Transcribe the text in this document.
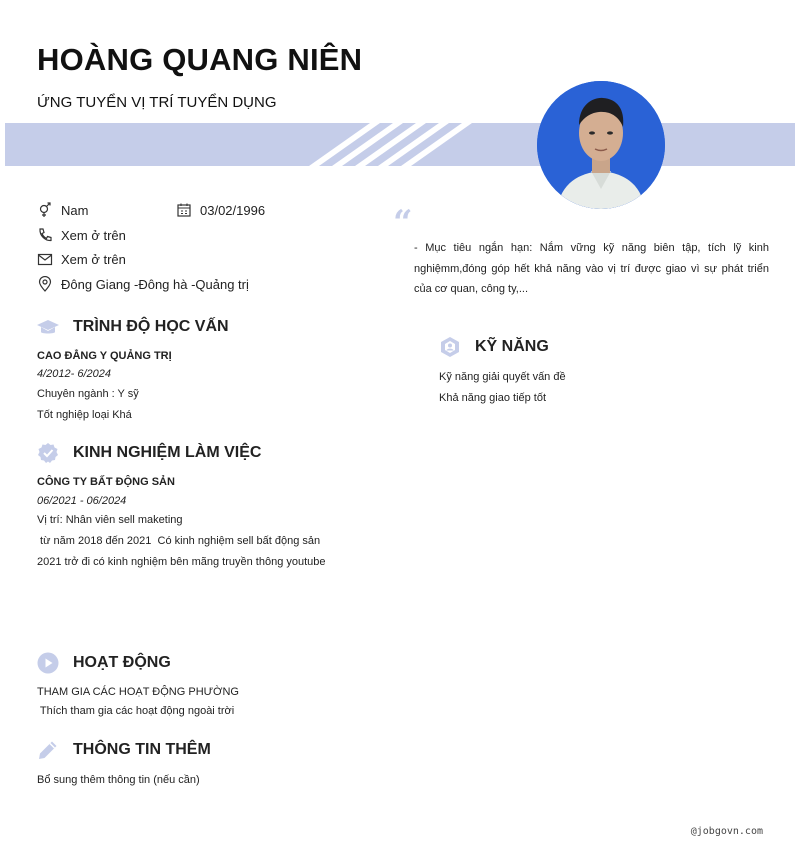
HOÀNG QUANG NIÊN
ỨNG TUYỂN VỊ TRÍ TUYỂN DỤNG
Nam	03/02/1996
Xem ở trên
Xem ở trên
Đông Giang -Đông hà -Quảng trị
“
- Mục tiêu ngắn hạn: Nắm vững kỹ năng biên tập, tích lỹ kinh nghiệmm,đóng góp hết khả năng vào vị trí được giao vì sự phát triển của cơ quan, công ty,...
TRÌNH ĐỘ HỌC VẤN
CAO ĐẲNG Y QUẢNG TRỊ
4/2012- 6/2024
Chuyên ngành : Y sỹ
Tốt nghiệp loại Khá
KINH NGHIỆM LÀM VIỆC
CÔNG TY BẤT ĐỘNG SẢN
06/2021 - 06/2024
Vị trí: Nhân viên sell maketing
từ năm 2018 đến 2021  Có kinh nghiệm sell bất động sản
2021 trở đi có kinh nghiệm bên mãng truyền thông youtube
KỸ NĂNG
Kỹ năng giải quyết vấn đề
Khả năng giao tiếp tốt
HOẠT ĐỘNG
THAM GIA CÁC HOẠT ĐỘNG PHƯỜNG
Thích tham gia các hoạt động ngoài trời
THÔNG TIN THÊM
Bổ sung thêm thông tin (nếu cần)
@jobgovn.com
